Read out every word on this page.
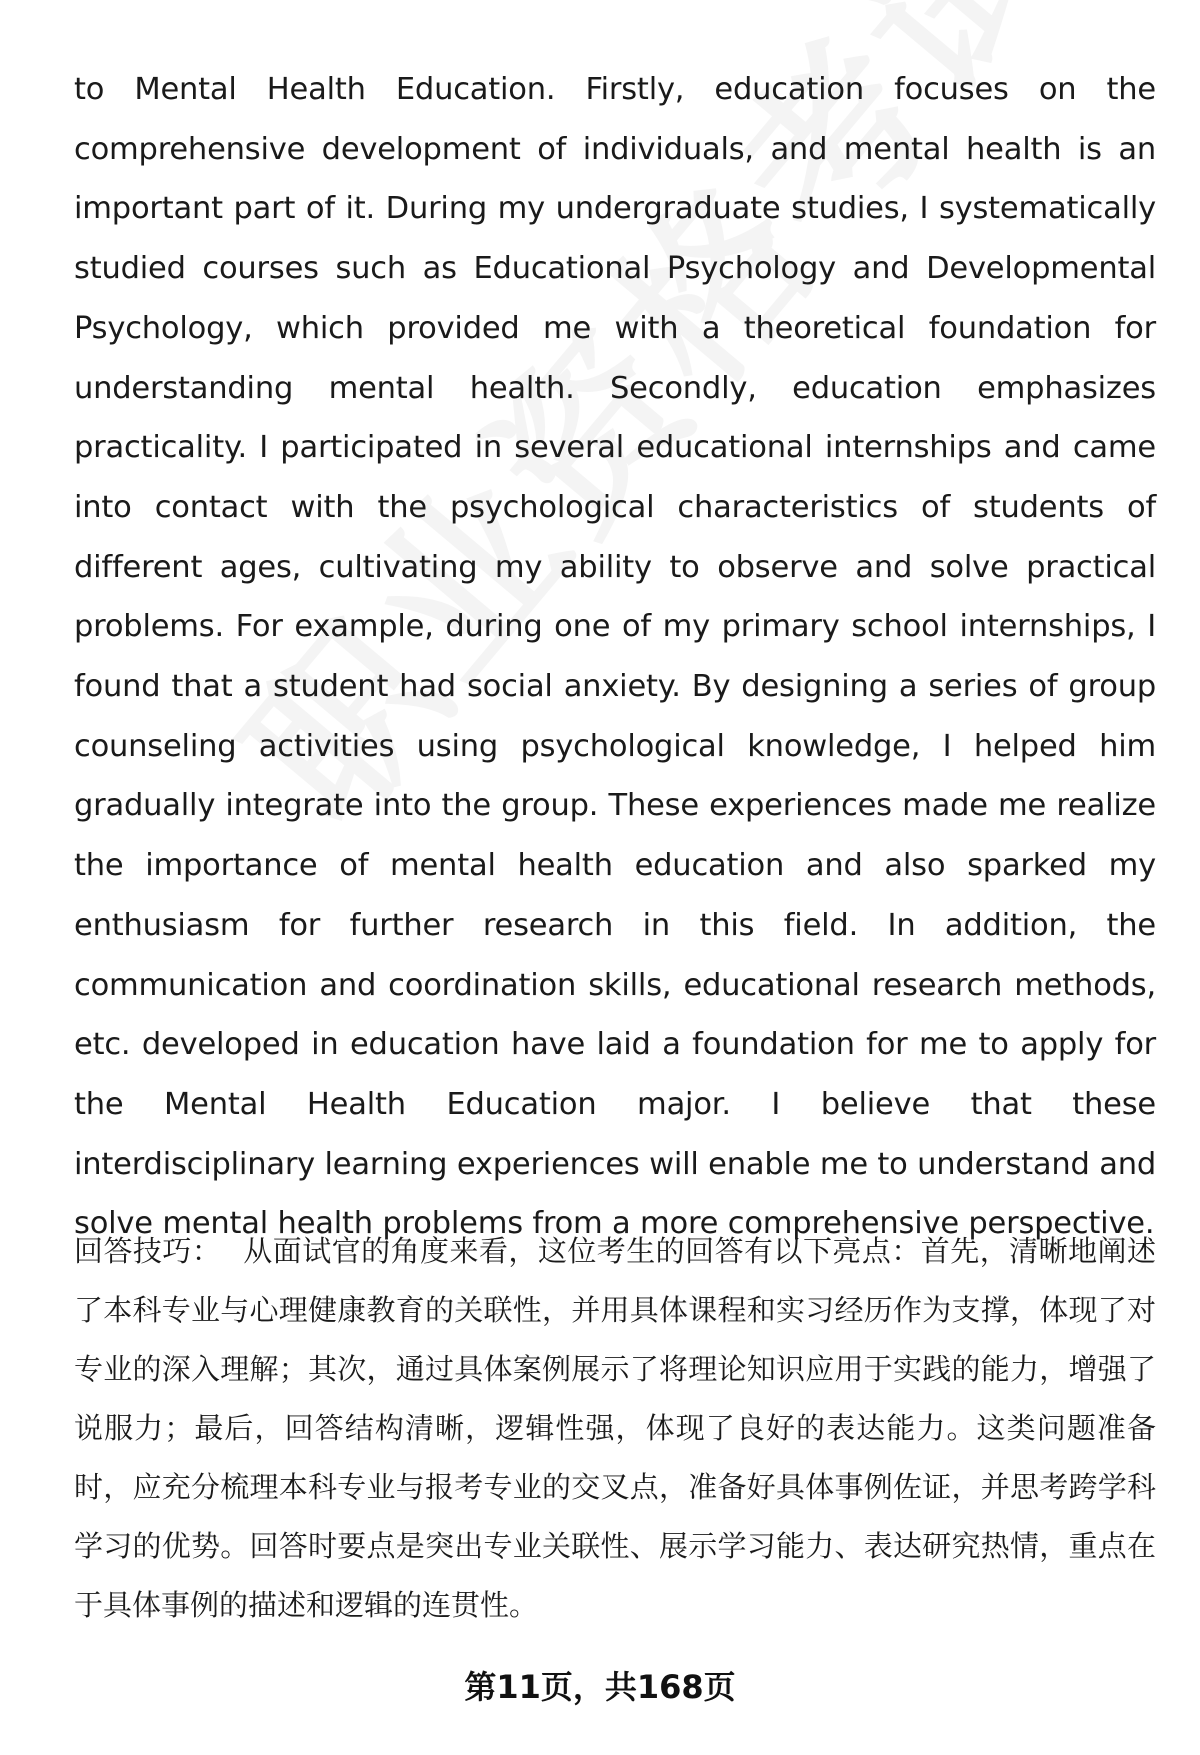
to Mental Health Education. Firstly, education focuses on the comprehensive development of individuals, and mental health is an important part of it. During my undergraduate studies, I systematically studied courses such as Educational Psychology and Developmental Psychology, which provided me with a theoretical foundation for understanding mental health. Secondly, education emphasizes practicality. I participated in several educational internships and came into contact with the psychological characteristics of students of different ages, cultivating my ability to observe and solve practical problems. For example, during one of my primary school internships, I found that a student had social anxiety. By designing a series of group counseling activities using psychological knowledge, I helped him gradually integrate into the group. These experiences made me realize the importance of mental health education and also sparked my enthusiasm for further research in this field. In addition, the communication and coordination skills, educational research methods, etc. developed in education have laid a foundation for me to apply for the Mental Health Education major. I believe that these interdisciplinary learning experiences will enable me to understand and solve mental health problems from a more comprehensive perspective.

回答技巧： 从面试官的角度来看，这位考生的回答有以下亮点：首先，清晰地阐述了本科专业与心理健康教育的关联性，并用具体课程和实习经历作为支撑，体现了对专业的深入理解；其次，通过具体案例展示了将理论知识应用于实践的能力，增强了说服力；最后，回答结构清晰，逻辑性强，体现了良好的表达能力。这类问题准备时，应充分梳理本科专业与报考专业的交叉点，准备好具体事例佐证，并思考跨学科学习的优势。回答时要点是突出专业关联性、展示学习能力、表达研究热情，重点在于具体事例的描述和逻辑的连贯性。

第11页，共168页
